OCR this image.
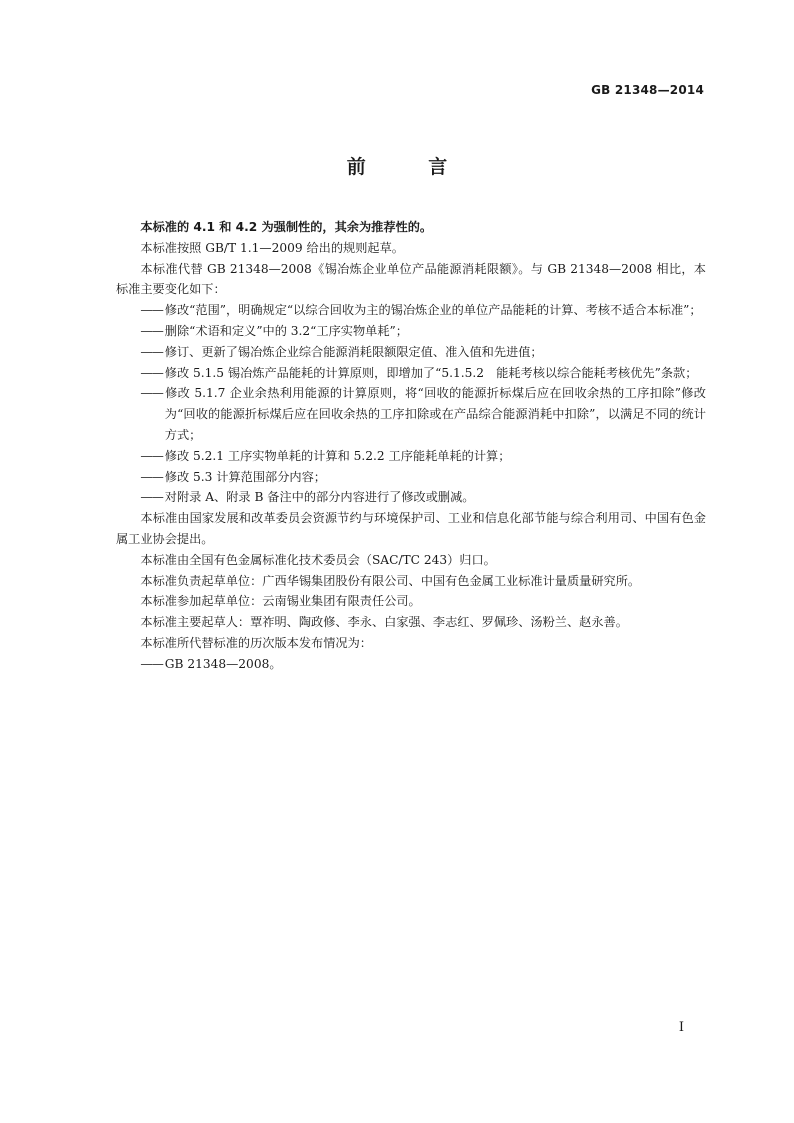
GB 21348—2014
前 言

本标准的 4.1 和 4.2 为强制性的，其余为推荐性的。

本标准按照 GB/T 1.1—2009 给出的规则起草。

本标准代替 GB 21348—2008《锡冶炼企业单位产品能源消耗限额》。与 GB 21348—2008 相比，本标准主要变化如下：

—— 修改“范围”，明确规定“以综合回收为主的锡冶炼企业的单位产品能耗的计算、考核不适合本标准”；

—— 删除“术语和定义”中的 3.2“工序实物单耗”；

—— 修订、更新了锡冶炼企业综合能源消耗限额限定值、准入值和先进值；

—— 修改 5.1.5 锡冶炼产品能耗的计算原则，即增加了“5.1.5.2　能耗考核以综合能耗考核优先”条款；

—— 修改 5.1.7 企业余热利用能源的计算原则，将“回收的能源折标煤后应在回收余热的工序扣除”修改为“回收的能源折标煤后应在回收余热的工序扣除或在产品综合能源消耗中扣除”，以满足不同的统计方式；

—— 修改 5.2.1 工序实物单耗的计算和 5.2.2 工序能耗单耗的计算；

—— 修改 5.3 计算范围部分内容；

—— 对附录 A、附录 B 备注中的部分内容进行了修改或删减。

本标准由国家发展和改革委员会资源节约与环境保护司、工业和信息化部节能与综合利用司、中国有色金属工业协会提出。

本标准由全国有色金属标准化技术委员会（SAC/TC 243）归口。

本标准负责起草单位：广西华锡集团股份有限公司、中国有色金属工业标准计量质量研究所。

本标准参加起草单位：云南锡业集团有限责任公司。

本标准主要起草人：覃祚明、陶政修、李永、白家强、李志红、罗佩珍、汤粉兰、赵永善。

本标准所代替标准的历次版本发布情况为：

—— GB 21348—2008。

Ⅰ
